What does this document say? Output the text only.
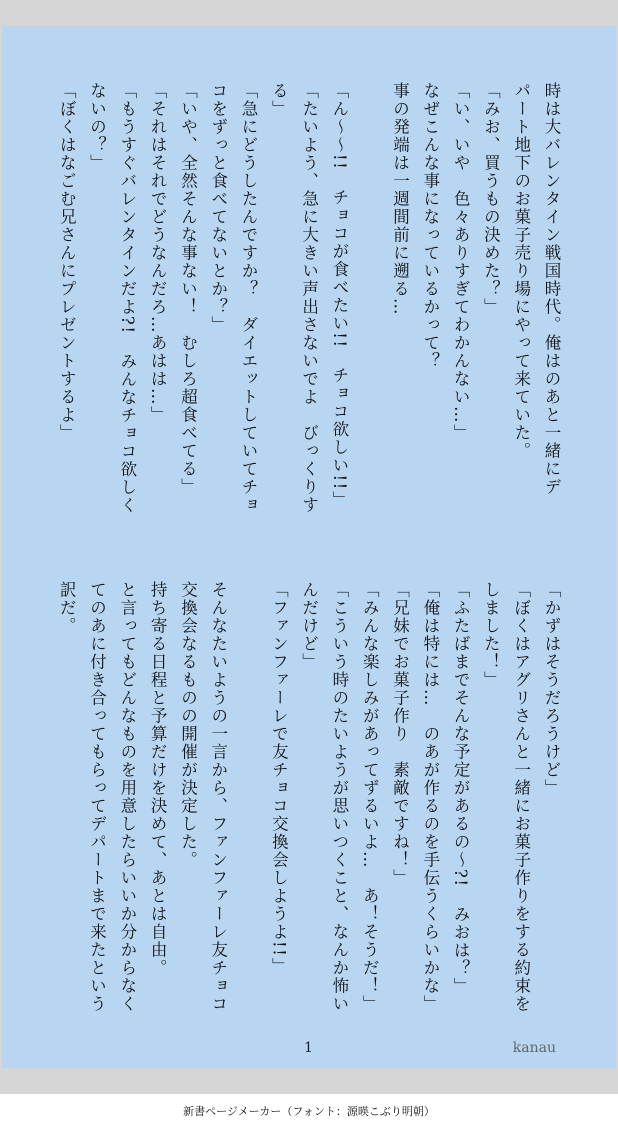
時は大バレンタイン戦国時代。俺はのあと一緒にデ
パート地下のお菓子売り場にやって来ていた。
「みお、買うもの決めた？」
「い、いや　色々ありすぎてわかんない…」
なぜこんな事になっているかって？
事の発端は一週間前に遡る…
「ん〜〜!!　チョコが食べたい!!　チョコ欲しい!!」
「たいよう、急に大きい声出さないでよ　びっくりす
る」
「急にどうしたんですか？　ダイエットしていてチョ
コをずっと食べてないとか？」
「いや、全然そんな事ない！　むしろ超食べてる」
「それはそれでどうなんだろ…あはは…」
「もうすぐバレンタインだよ?!　みんなチョコ欲しく
ないの？」
「ぼくはなごむ兄さんにプレゼントするよ」
「かずはそうだろうけど」
「ぼくはアグリさんと一緒にお菓子作りをする約束を
しました！」
「ふたばまでそんな予定があるの〜?!　みおは？」
「俺は特には…　のあが作るのを手伝うくらいかな」
「兄妹でお菓子作り　素敵ですね！」
「みんな楽しみがあってずるいよ…　あ！そうだ！」
「こういう時のたいようが思いつくこと、なんか怖い
んだけど」
「ファンファーレで友チョコ交換会しようよ!!」
そんなたいようの一言から、ファンファーレ友チョコ
交換会なるものの開催が決定した。
持ち寄る日程と予算だけを決めて、あとは自由。
と言ってもどんなものを用意したらいいか分からなく
てのあに付き合ってもらってデパートまで来たという
訳だ。
1	kanau
新書ページメーカー（フォント：源暎こぶり明朝）
